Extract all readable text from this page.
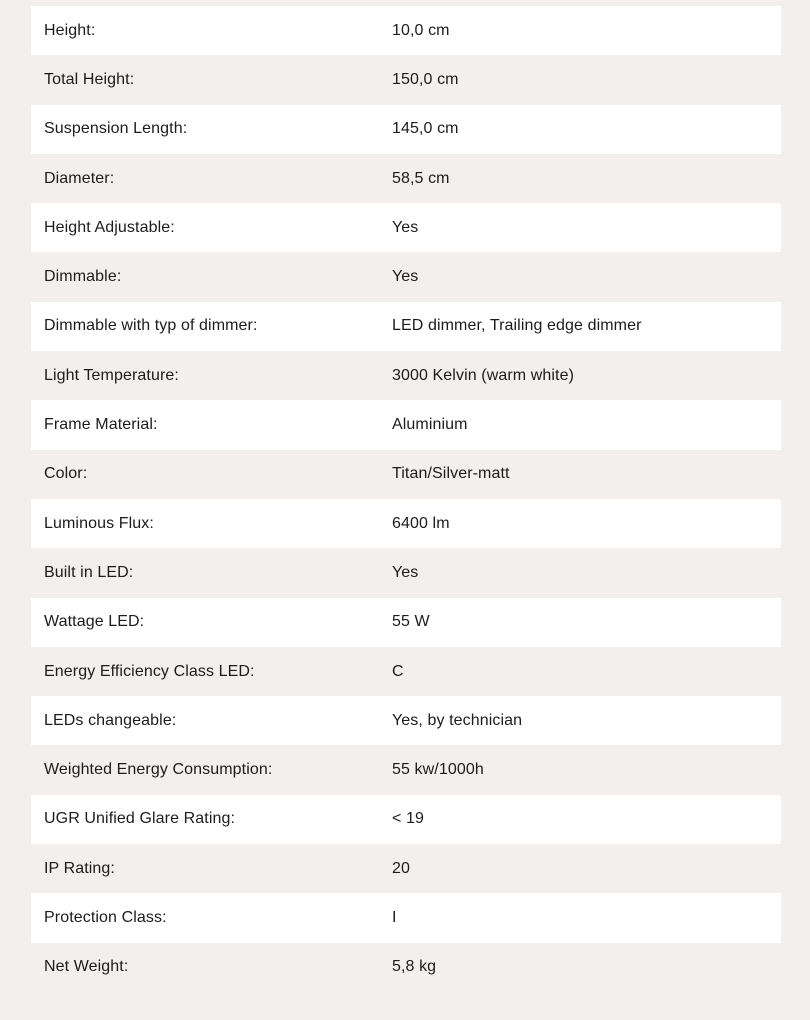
Height:	10,0 cm
Total Height:	150,0 cm
Suspension Length:	145,0 cm
Diameter:	58,5 cm
Height Adjustable:	Yes
Dimmable:	Yes
Dimmable with typ of dimmer:	LED dimmer, Trailing edge dimmer
Light Temperature:	3000 Kelvin (warm white)
Frame Material:	Aluminium
Color:	Titan/Silver-matt
Luminous Flux:	6400 lm
Built in LED:	Yes
Wattage LED:	55 W
Energy Efficiency Class LED:	C
LEDs changeable:	Yes, by technician
Weighted Energy Consumption:	55 kw/1000h
UGR Unified Glare Rating:	< 19
IP Rating:	20
Protection Class:	I
Net Weight:	5,8 kg
